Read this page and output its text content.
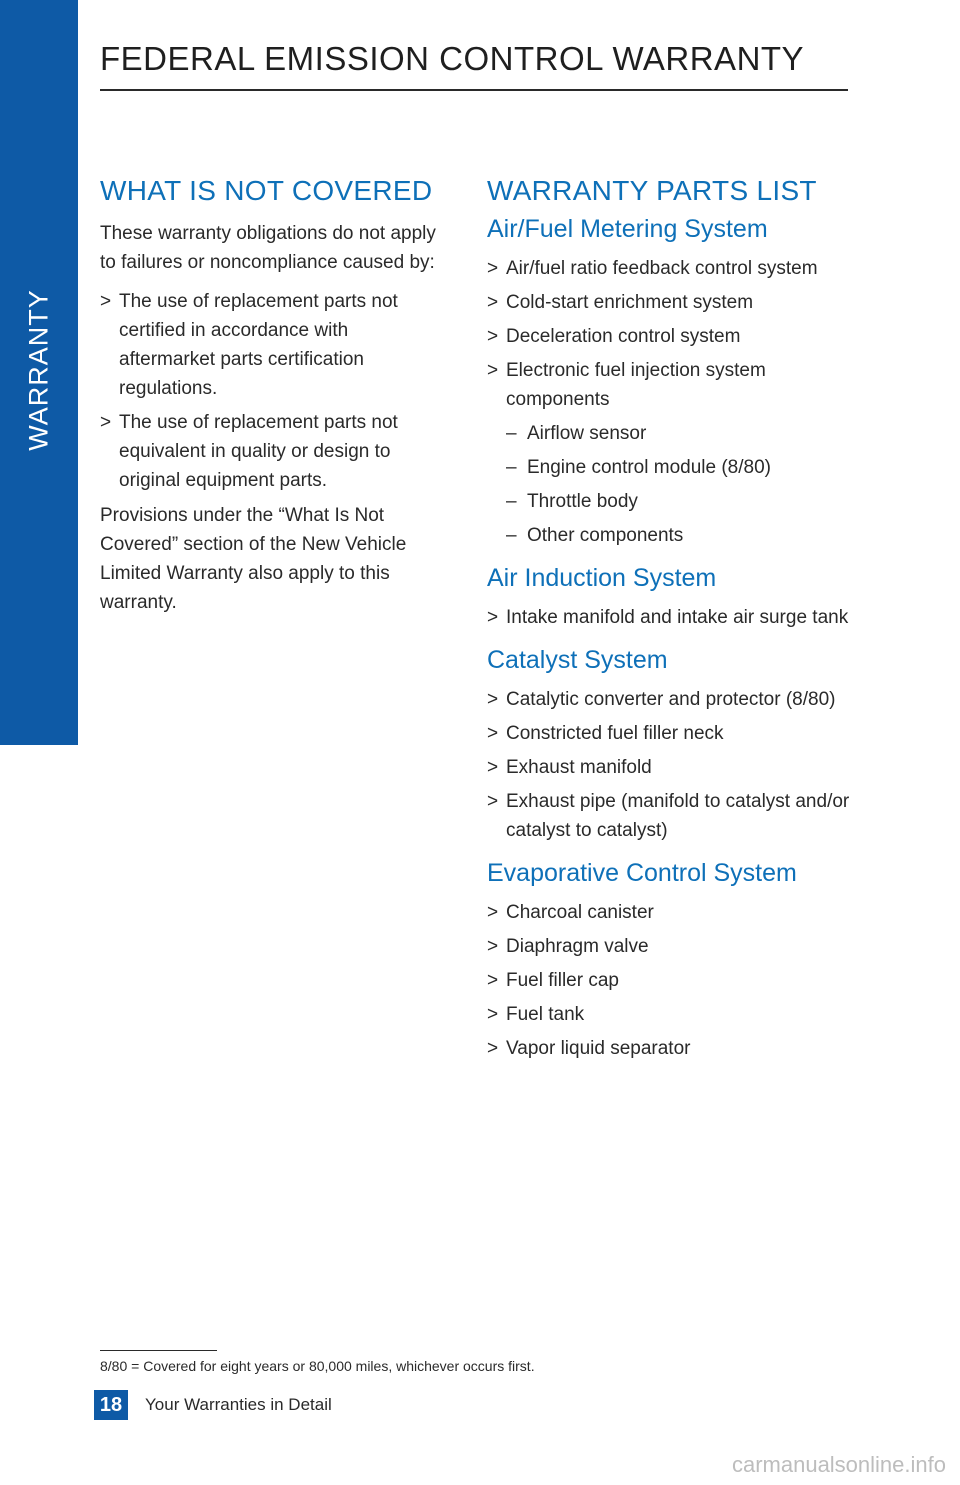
WARRANTY
FEDERAL EMISSION CONTROL WARRANTY
WHAT IS NOT COVERED

These warranty obligations do not apply to failures or noncompliance caused by:

> The use of replacement parts not certified in accordance with aftermarket parts certification regulations.
> The use of replacement parts not equivalent in quality or design to original equipment parts.

Provisions under the “What Is Not Covered” section of the New Vehicle Limited Warranty also apply to this warranty.

WARRANTY PARTS LIST
Air/Fuel Metering System
> Air/fuel ratio feedback control system
> Cold-start enrichment system
> Deceleration control system
> Electronic fuel injection system components
– Airflow sensor
– Engine control module (8/80)
– Throttle body
– Other components
Air Induction System
> Intake manifold and intake air surge tank
Catalyst System
> Catalytic converter and protector (8/80)
> Constricted fuel filler neck
> Exhaust manifold
> Exhaust pipe (manifold to catalyst and/or catalyst to catalyst)
Evaporative Control System
> Charcoal canister
> Diaphragm valve
> Fuel filler cap
> Fuel tank
> Vapor liquid separator
8/80 = Covered for eight years or 80,000 miles, whichever occurs first.
18	Your Warranties in Detail
carmanualsonline.info
